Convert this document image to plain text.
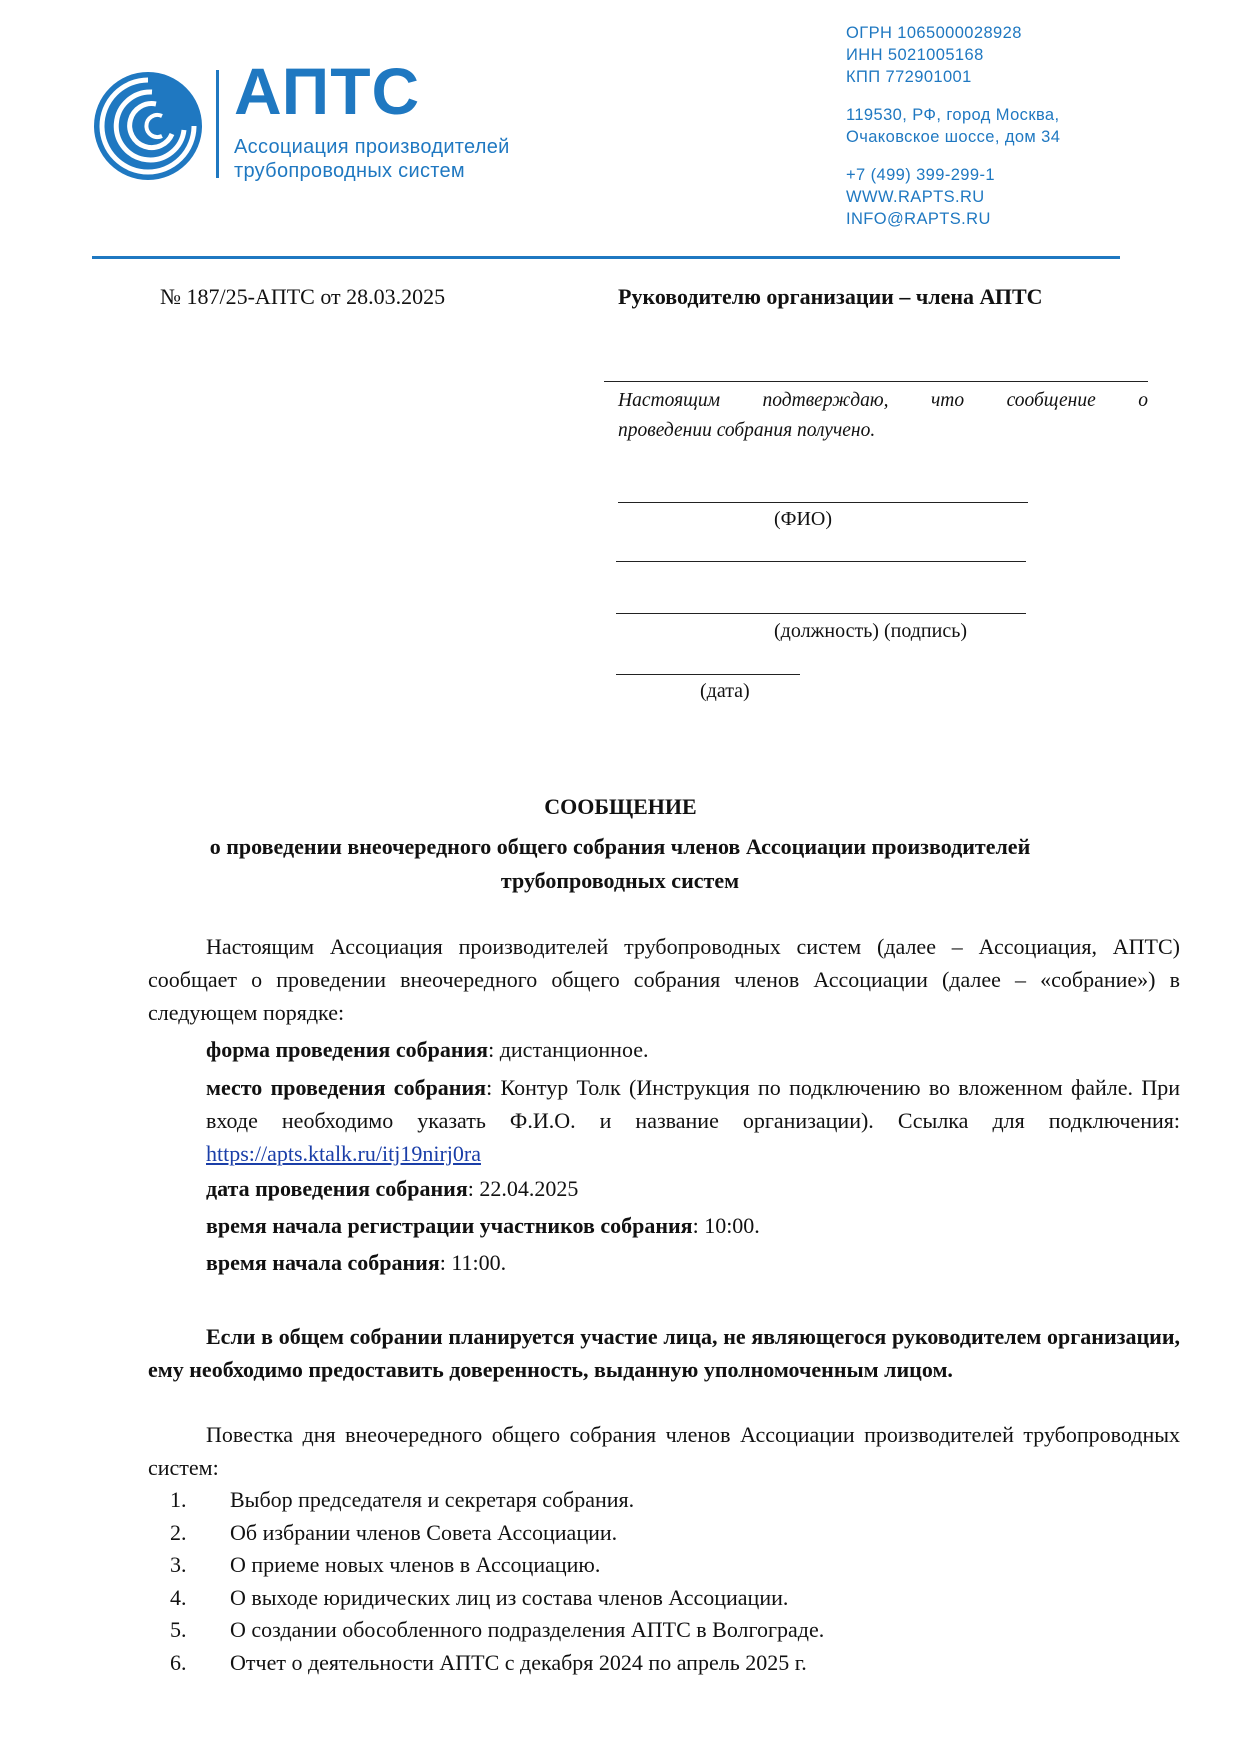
АПТС
Ассоциация производителей
трубопроводных систем
ОГРН 1065000028928
ИНН 5021005168
КПП 772901001
119530, РФ, город Москва,
Очаковское шоссе, дом 34
+7 (499) 399-299-1
WWW.RAPTS.RU
INFO@RAPTS.RU
№ 187/25-АПТС от 28.03.2025	Руководителю организации – члена АПТС
Настоящим подтверждаю, что сообщение о
проведении собрания получено.
(ФИО)
(должность) (подпись)
(дата)
СООБЩЕНИЕ
о проведении внеочередного общего собрания членов Ассоциации производителей
трубопроводных систем
Настоящим Ассоциация производителей трубопроводных систем (далее – Ассоциация, АПТС) сообщает о проведении внеочередного общего собрания членов Ассоциации (далее – «собрание») в следующем порядке:
форма проведения собрания: дистанционное.
место проведения собрания: Контур Толк (Инструкция по подключению во вложенном файле. При входе необходимо указать Ф.И.О. и название организации). Ссылка для подключения: https://apts.ktalk.ru/itj19nirj0ra
дата проведения собрания: 22.04.2025
время начала регистрации участников собрания: 10:00.
время начала собрания: 11:00.
Если в общем собрании планируется участие лица, не являющегося руководителем организации, ему необходимо предоставить доверенность, выданную уполномоченным лицом.
Повестка дня внеочередного общего собрания членов Ассоциации производителей трубопроводных систем:
1.	Выбор председателя и секретаря собрания.
2.	Об избрании членов Совета Ассоциации.
3.	О приеме новых членов в Ассоциацию.
4.	О выходе юридических лиц из состава членов Ассоциации.
5.	О создании обособленного подразделения АПТС в Волгограде.
6.	Отчет о деятельности АПТС с декабря 2024 по апрель 2025 г.
